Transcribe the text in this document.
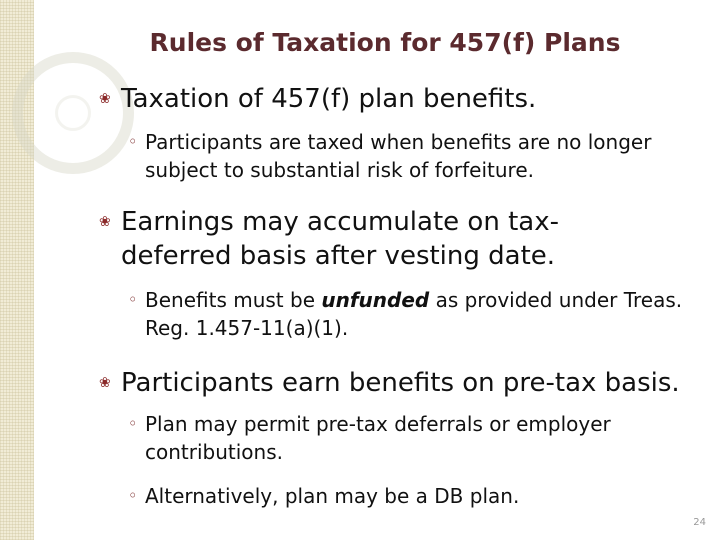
Rules of Taxation for 457(f) Plans
❀ Taxation of 457(f) plan benefits.
◦ Participants are taxed when benefits are no longer subject to substantial risk of forfeiture.
❀ Earnings may accumulate on tax-deferred basis after vesting date.
◦ Benefits must be unfunded as provided under Treas. Reg. 1.457-11(a)(1).
❀ Participants earn benefits on pre-tax basis.
◦ Plan may permit pre-tax deferrals or employer contributions.
◦ Alternatively, plan may be a DB plan.
24
